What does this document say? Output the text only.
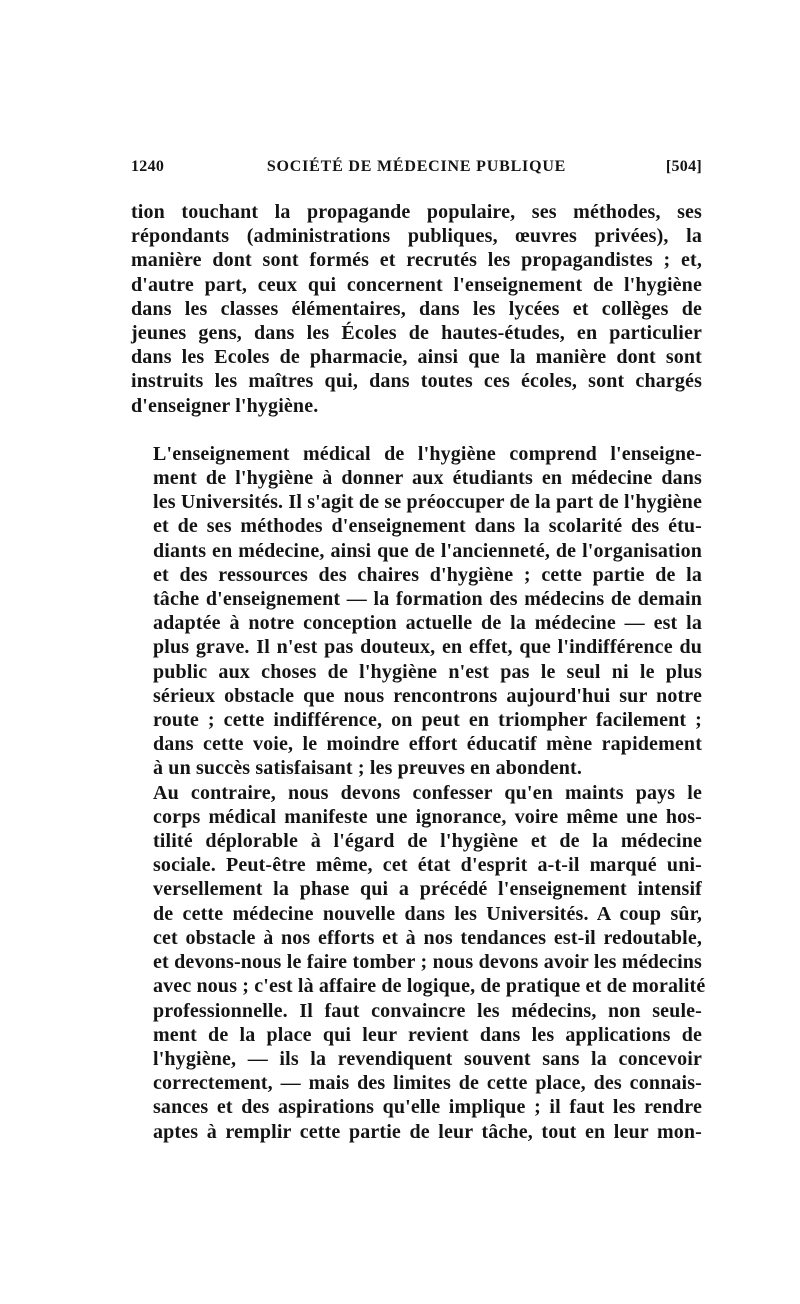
1240	SOCIÉTÉ DE MÉDECINE PUBLIQUE	[504]

tion touchant la propagande populaire, ses méthodes, ses
répondants (administrations publiques, œuvres privées), la
manière dont sont formés et recrutés les propagandistes ; et,
d'autre part, ceux qui concernent l'enseignement de l'hygiène
dans les classes élémentaires, dans les lycées et collèges de
jeunes gens, dans les Écoles de hautes-études, en particulier
dans les Ecoles de pharmacie, ainsi que la manière dont sont
instruits les maîtres qui, dans toutes ces écoles, sont chargés
d'enseigner l'hygiène.

L'enseignement médical de l'hygiène comprend l'enseigne-
ment de l'hygiène à donner aux étudiants en médecine dans
les Universités. Il s'agit de se préoccuper de la part de l'hygiène
et de ses méthodes d'enseignement dans la scolarité des étu-
diants en médecine, ainsi que de l'ancienneté, de l'organisation
et des ressources des chaires d'hygiène ; cette partie de la
tâche d'enseignement — la formation des médecins de demain
adaptée à notre conception actuelle de la médecine — est la
plus grave. Il n'est pas douteux, en effet, que l'indifférence du
public aux choses de l'hygiène n'est pas le seul ni le plus
sérieux obstacle que nous rencontrons aujourd'hui sur notre
route ; cette indifférence, on peut en triompher facilement ;
dans cette voie, le moindre effort éducatif mène rapidement
à un succès satisfaisant ; les preuves en abondent.

Au contraire, nous devons confesser qu'en maints pays le
corps médical manifeste une ignorance, voire même une hos-
tilité déplorable à l'égard de l'hygiène et de la médecine
sociale. Peut-être même, cet état d'esprit a-t-il marqué uni-
versellement la phase qui a précédé l'enseignement intensif
de cette médecine nouvelle dans les Universités. A coup sûr,
cet obstacle à nos efforts et à nos tendances est-il redoutable,
et devons-nous le faire tomber ; nous devons avoir les médecins
avec nous ; c'est là affaire de logique, de pratique et de moralité
professionnelle. Il faut convaincre les médecins, non seule-
ment de la place qui leur revient dans les applications de
l'hygiène, — ils la revendiquent souvent sans la concevoir
correctement, — mais des limites de cette place, des connais-
sances et des aspirations qu'elle implique ; il faut les rendre
aptes à remplir cette partie de leur tâche, tout en leur mon-
